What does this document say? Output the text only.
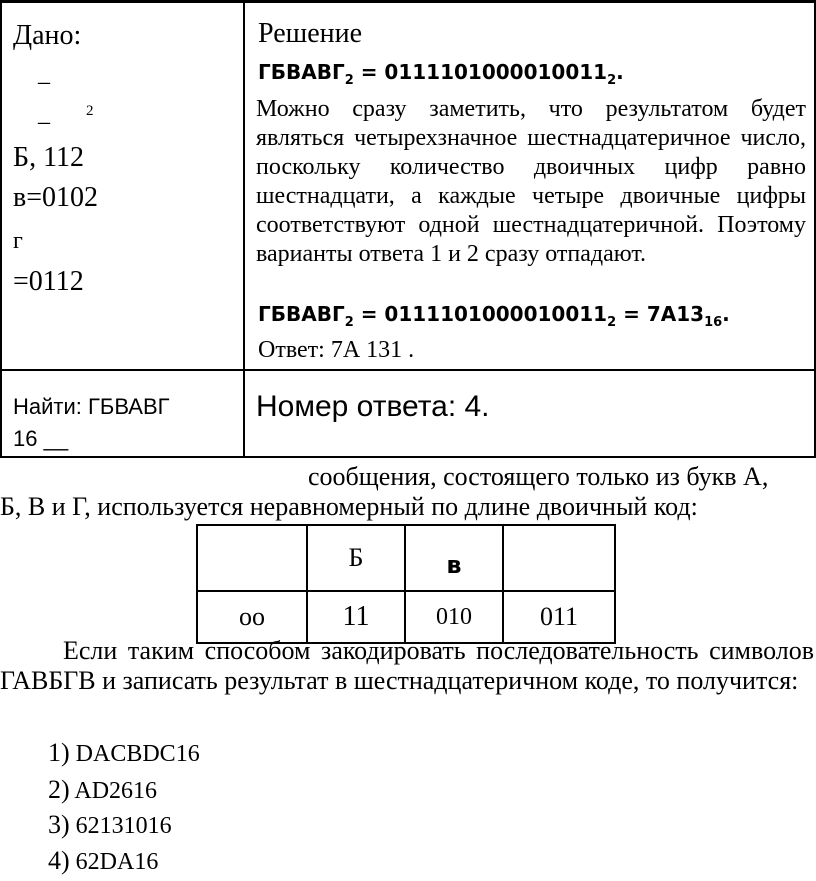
Дано:
_
_ 2
Б, 112
в=0102
г
=0112
Решение
$ГБВАВГ_2 = 0111101000010011_2$.
Можно сразу заметить, что результатом будет являться четырехзначное шестнадцатеричное число, поскольку количество двоичных цифр равно шестнадцати, а каждые четыре двоичные цифры соответствуют одной шестнадцатеричной. Поэтому варианты ответа 1 и 2 сразу отпадают.
$ГБВАВГ_2 = 0111101000010011_2 = 7A13_{16}$.
Ответ: 7А 131 .
Найти: ГБВАВГ
16 __
Номер ответа: 4.
сообщения, состоящего только из букв А,
Б, В и Г, используется неравномерный по длине двоичный код:
	Б	в	
оо	11	010	011
Если таким способом закодировать последовательность символов ГАВБГВ и записать результат в шестнадцатеричном коде, то получится:
1) DACBDC16
2) AD2616
3) 62131016
4) 62DA16
